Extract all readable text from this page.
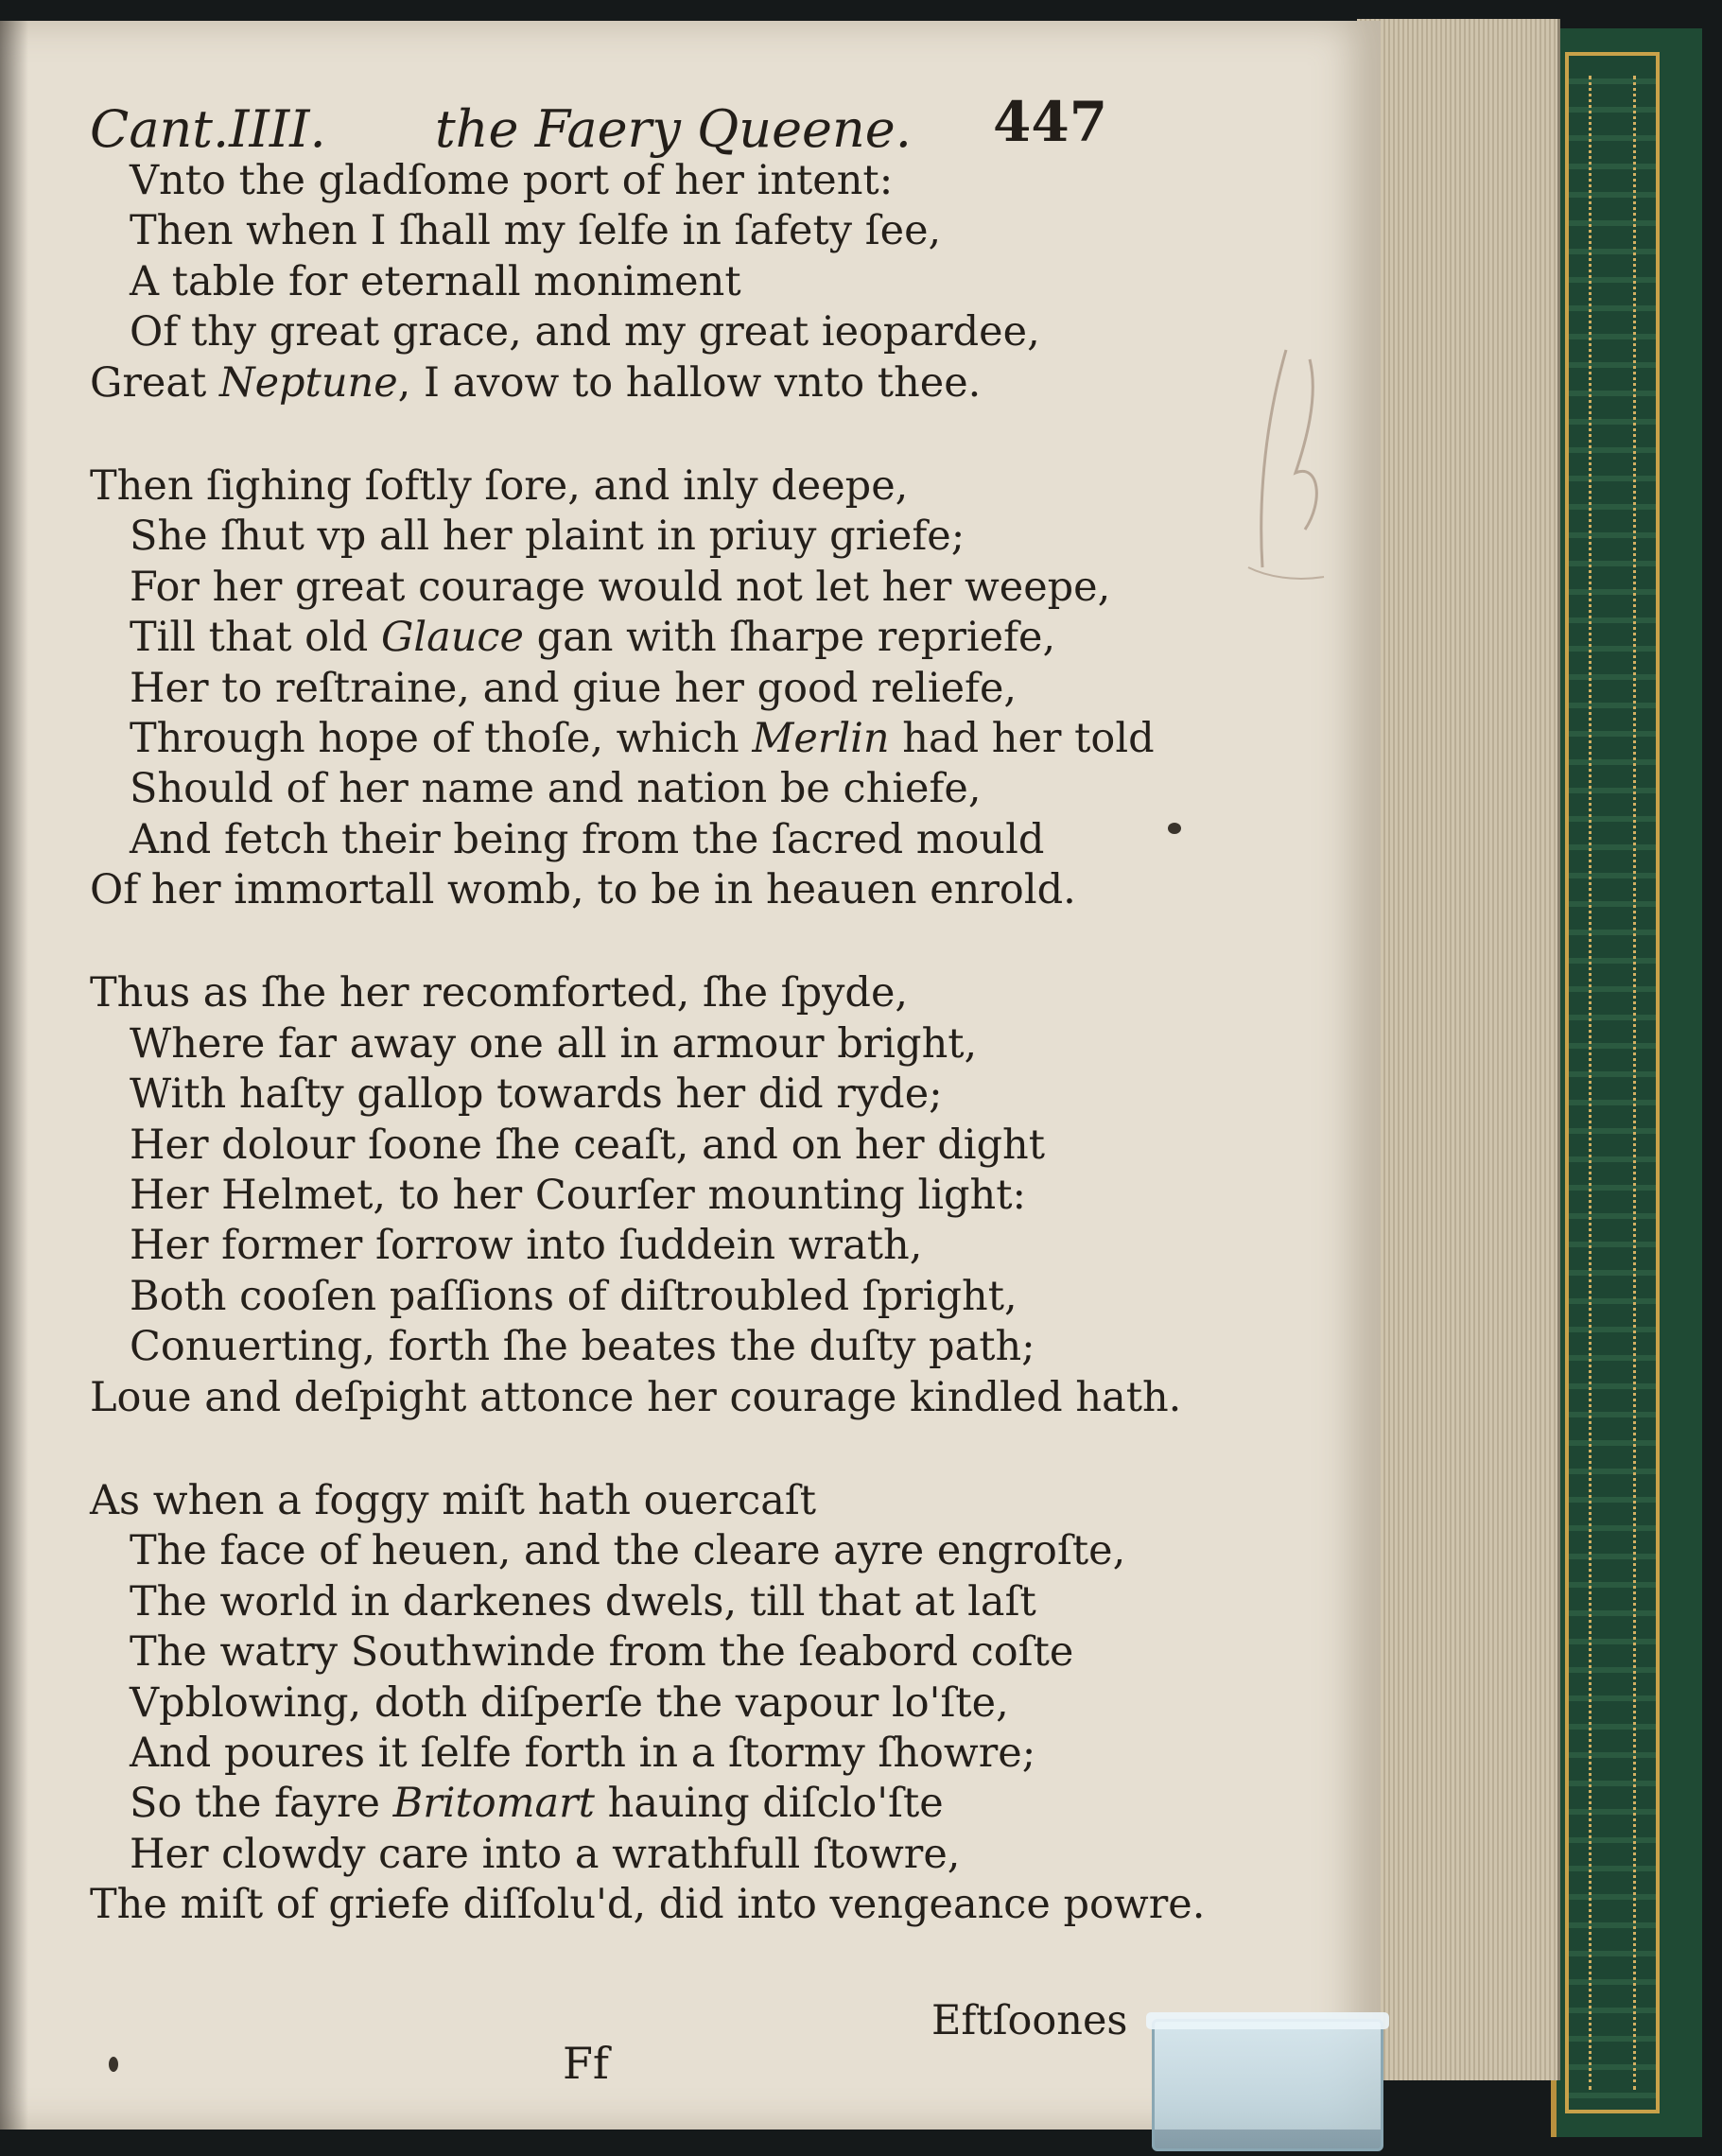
Cant.IIII. the Faery Queene. 447
Vnto the gladſome port of her intent:
Then when I ſhall my ſelfe in ſafety ſee,
A table for eternall moniment
Of thy great grace, and my great ieopardee,
Great Neptune, I avow to hallow vnto thee.
Then ſighing ſoftly ſore, and inly deepe,
She ſhut vp all her plaint in priuy griefe;
For her great courage would not let her weepe,
Till that old Glauce gan with ſharpe repriefe,
Her to reſtraine, and giue her good reliefe,
Through hope of thoſe, which Merlin had her told
Should of her name and nation be chiefe,
And fetch their being from the ſacred mould
Of her immortall womb, to be in heauen enrold.
Thus as ſhe her recomforted, ſhe ſpyde,
Where far away one all in armour bright,
With haſty gallop towards her did ryde;
Her dolour ſoone ſhe ceaſt, and on her dight
Her Helmet, to her Courſer mounting light:
Her former ſorrow into ſuddein wrath,
Both cooſen paſſions of diſtroubled ſpright,
Conuerting, forth ſhe beates the duſty path;
Loue and deſpight attonce her courage kindled hath.
As when a foggy miſt hath ouercaſt
The face of heuen, and the cleare ayre engroſte,
The world in darkenes dwels, till that at laſt
The watry Southwinde from the ſeabord coſte
Vpblowing, doth diſperſe the vapour lo'ſte,
And poures it ſelfe forth in a ſtormy ſhowre;
So the fayre Britomart hauing diſclo'ſte
Her clowdy care into a wrathfull ſtowre,
The miſt of griefe diſſolu'd, did into vengeance powre.
Eftſoones
Ff
